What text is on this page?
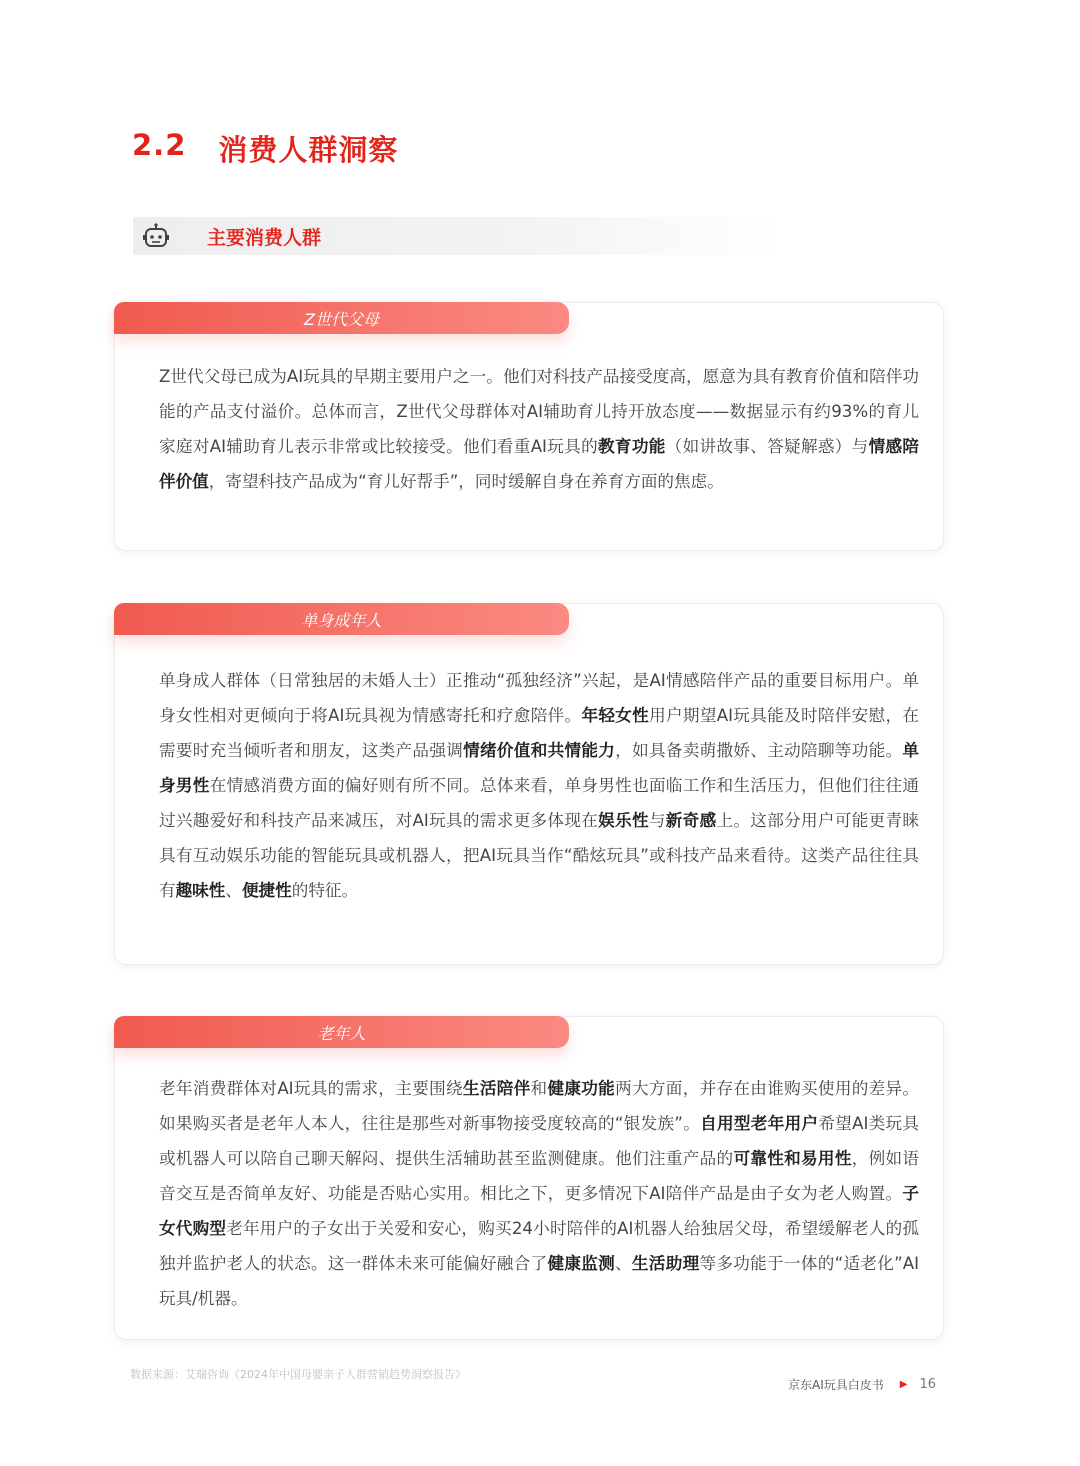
2.2 消费人群洞察
主要消费人群
Z世代父母
Z世代父母已成为AI玩具的早期主要用户之一。他们对科技产品接受度高，愿意为具有教育价值和陪伴功能的产品支付溢价。总体而言，Z世代父母群体对AI辅助育儿持开放态度——数据显示有约93%的育儿家庭对AI辅助育儿表示非常或比较接受。他们看重AI玩具的教育功能（如讲故事、答疑解惑）与情感陪伴价值，寄望科技产品成为“育儿好帮手”，同时缓解自身在养育方面的焦虑。
单身成年人
单身成人群体（日常独居的未婚人士）正推动“孤独经济”兴起，是AI情感陪伴产品的重要目标用户。单身女性相对更倾向于将AI玩具视为情感寄托和疗愈陪伴。年轻女性用户期望AI玩具能及时陪伴安慰，在需要时充当倾听者和朋友，这类产品强调情绪价值和共情能力，如具备卖萌撒娇、主动陪聊等功能。单身男性在情感消费方面的偏好则有所不同。总体来看，单身男性也面临工作和生活压力，但他们往往通过兴趣爱好和科技产品来减压，对AI玩具的需求更多体现在娱乐性与新奇感上。这部分用户可能更青睐具有互动娱乐功能的智能玩具或机器人，把AI玩具当作“酷炫玩具”或科技产品来看待。这类产品往往具有趣味性、便捷性的特征。
老年人
老年消费群体对AI玩具的需求，主要围绕生活陪伴和健康功能两大方面，并存在由谁购买使用的差异。如果购买者是老年人本人，往往是那些对新事物接受度较高的“银发族”。自用型老年用户希望AI类玩具或机器人可以陪自己聊天解闷、提供生活辅助甚至监测健康。他们注重产品的可靠性和易用性，例如语音交互是否简单友好、功能是否贴心实用。相比之下，更多情况下AI陪伴产品是由子女为老人购置。子女代购型老年用户的子女出于关爱和安心，购买24小时陪伴的AI机器人给独居父母，希望缓解老人的孤独并监护老人的状态。这一群体未来可能偏好融合了健康监测、生活助理等多功能于一体的“适老化”AI玩具/机器。
数据来源：艾瑞咨询《2024年中国母婴亲子人群营销趋势洞察报告》
京东AI玩具白皮书 ▶ 16
